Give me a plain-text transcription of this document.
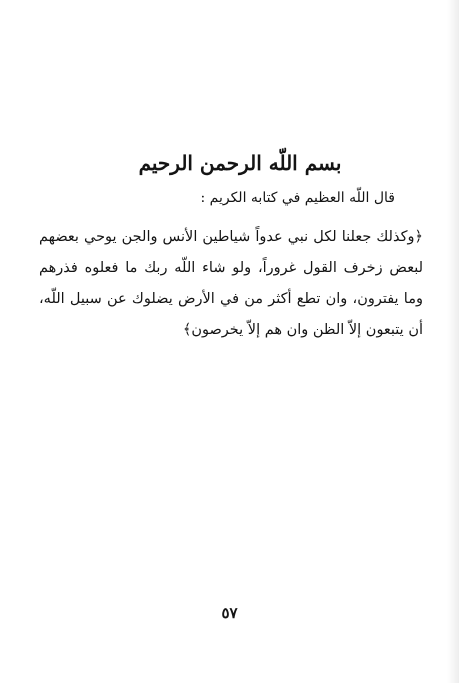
بسم اللّه الرحمن الرحيم

قال اللّه العظيم في كتابه الكريم :

﴿وكذلك جعلنا لكل نبي عدواً شياطين الأنس والجن يوحي بعضهم لبعض زخرف القول غروراً، ولو شاء اللّه ربك ما فعلوه فذرهم وما يفترون، وان تطع أكثر من في الأرض يضلوك عن سبيل اللّه، أن يتبعون إلاّ الظن وان هم إلاّ يخرصون﴾

٥٧
